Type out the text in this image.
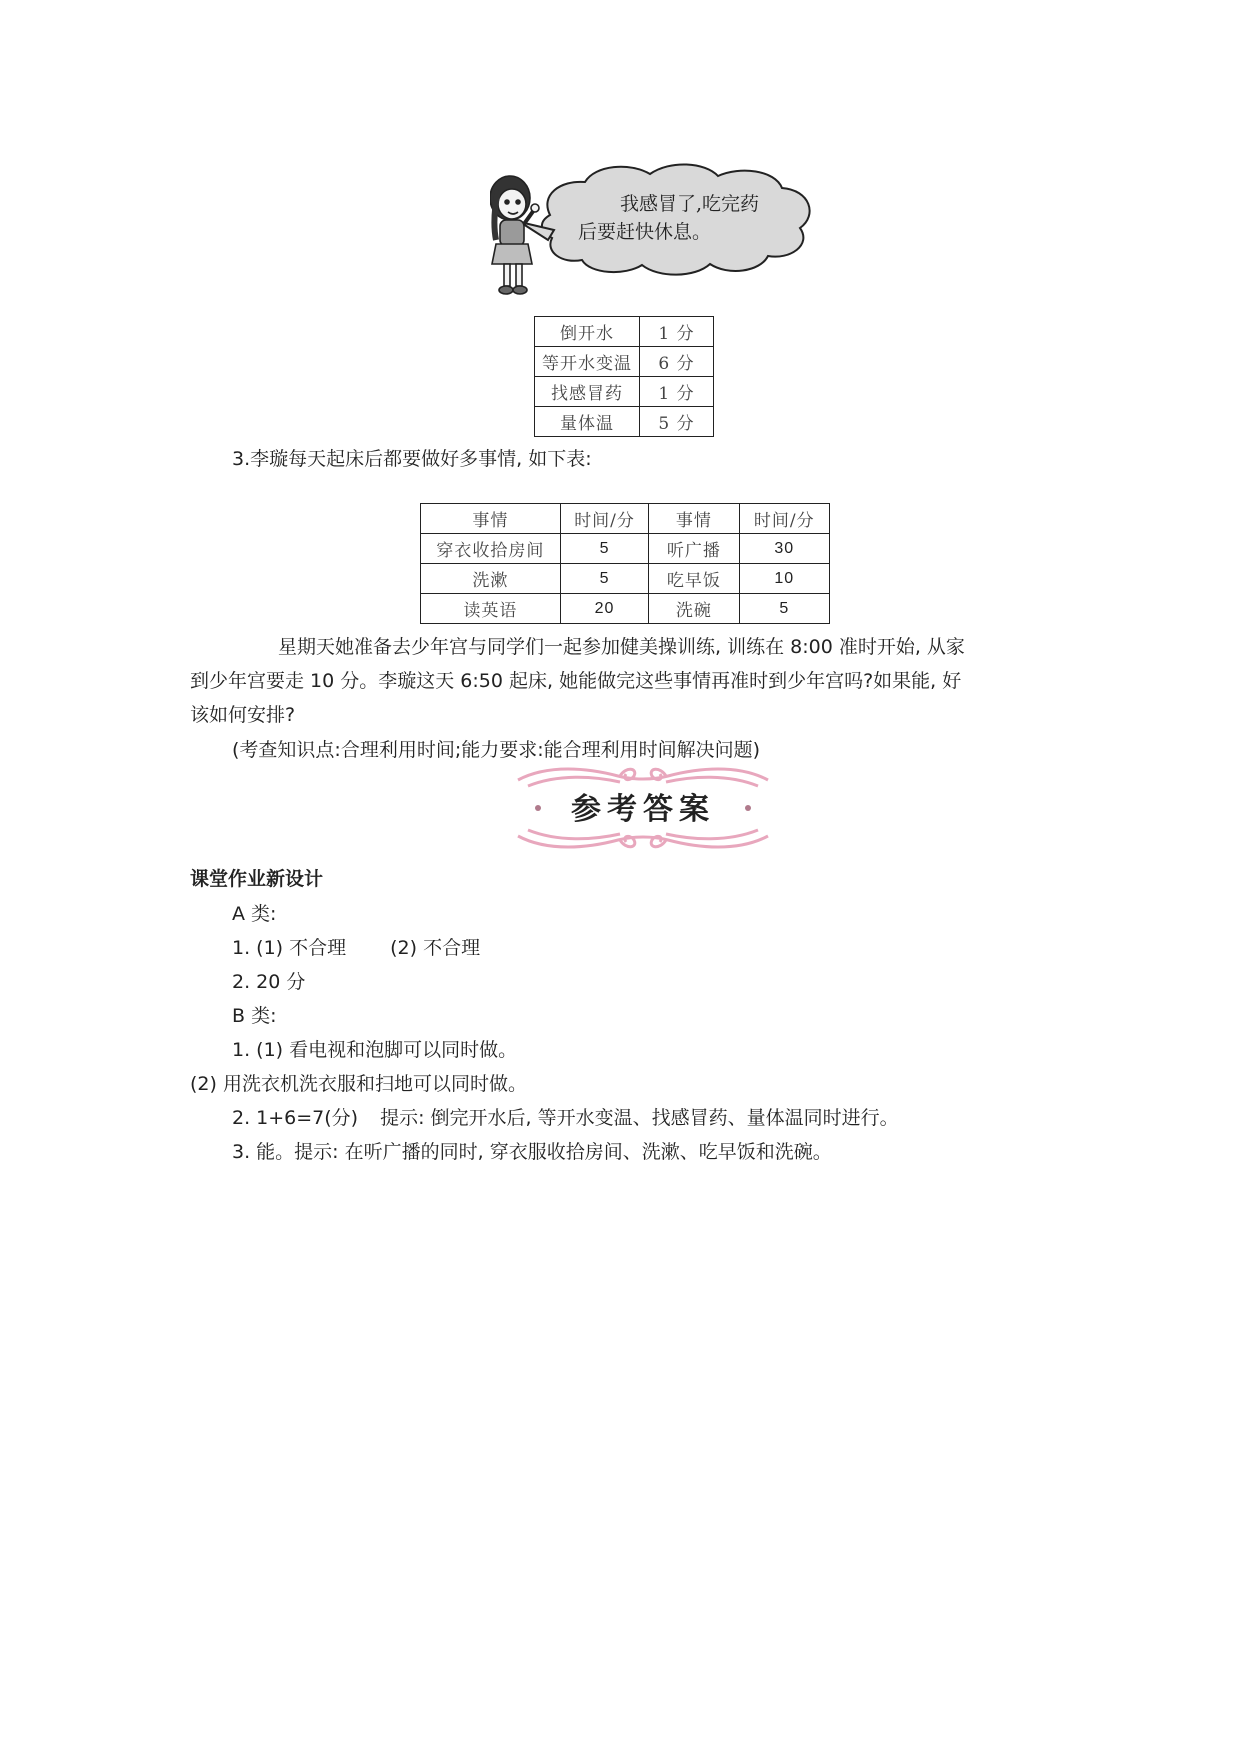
我感冒了,吃完药
后要赶快休息。
倒开水	1 分
等开水变温	6 分
找感冒药	1 分
量体温	5 分
3.李璇每天起床后都要做好多事情, 如下表:
事情	时间/分	事情	时间/分
穿衣收拾房间	5	听广播	30
洗漱	5	吃早饭	10
读英语	20	洗碗	5
星期天她准备去少年宫与同学们一起参加健美操训练, 训练在 8:00 准时开始, 从家
到少年宫要走 10 分。李璇这天 6:50 起床, 她能做完这些事情再准时到少年宫吗?如果能, 好
该如何安排?
(考查知识点:合理利用时间;能力要求:能合理利用时间解决问题)
参考答案
课堂作业新设计
A 类:
1. (1) 不合理 (2) 不合理
2. 20 分
B 类:
1. (1) 看电视和泡脚可以同时做。
(2) 用洗衣机洗衣服和扫地可以同时做。
2. 1+6=7(分) 提示: 倒完开水后, 等开水变温、找感冒药、量体温同时进行。
3. 能。提示: 在听广播的同时, 穿衣服收拾房间、洗漱、吃早饭和洗碗。
